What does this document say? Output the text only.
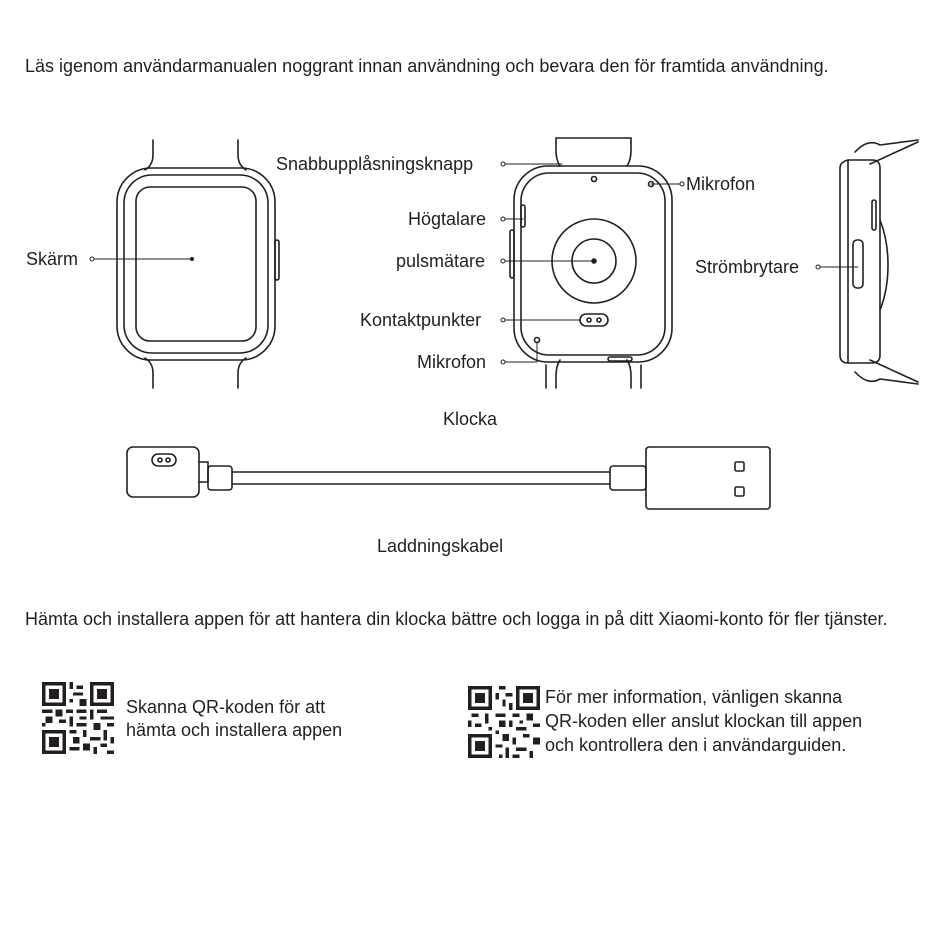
Läs igenom användarmanualen noggrant innan användning och bevara den för framtida användning.
Skärm
Snabbupplåsningsknapp
Högtalare
pulsmätare
Kontaktpunkter
Mikrofon
Mikrofon
Strömbrytare
Klocka
Laddningskabel
Hämta och installera appen för att hantera din klocka bättre och logga in på ditt Xiaomi-konto för fler tjänster.
Skanna QR-koden för att
hämta och installera appen
För mer information, vänligen skanna
QR-koden eller anslut klockan till appen
och kontrollera den i användarguiden.
